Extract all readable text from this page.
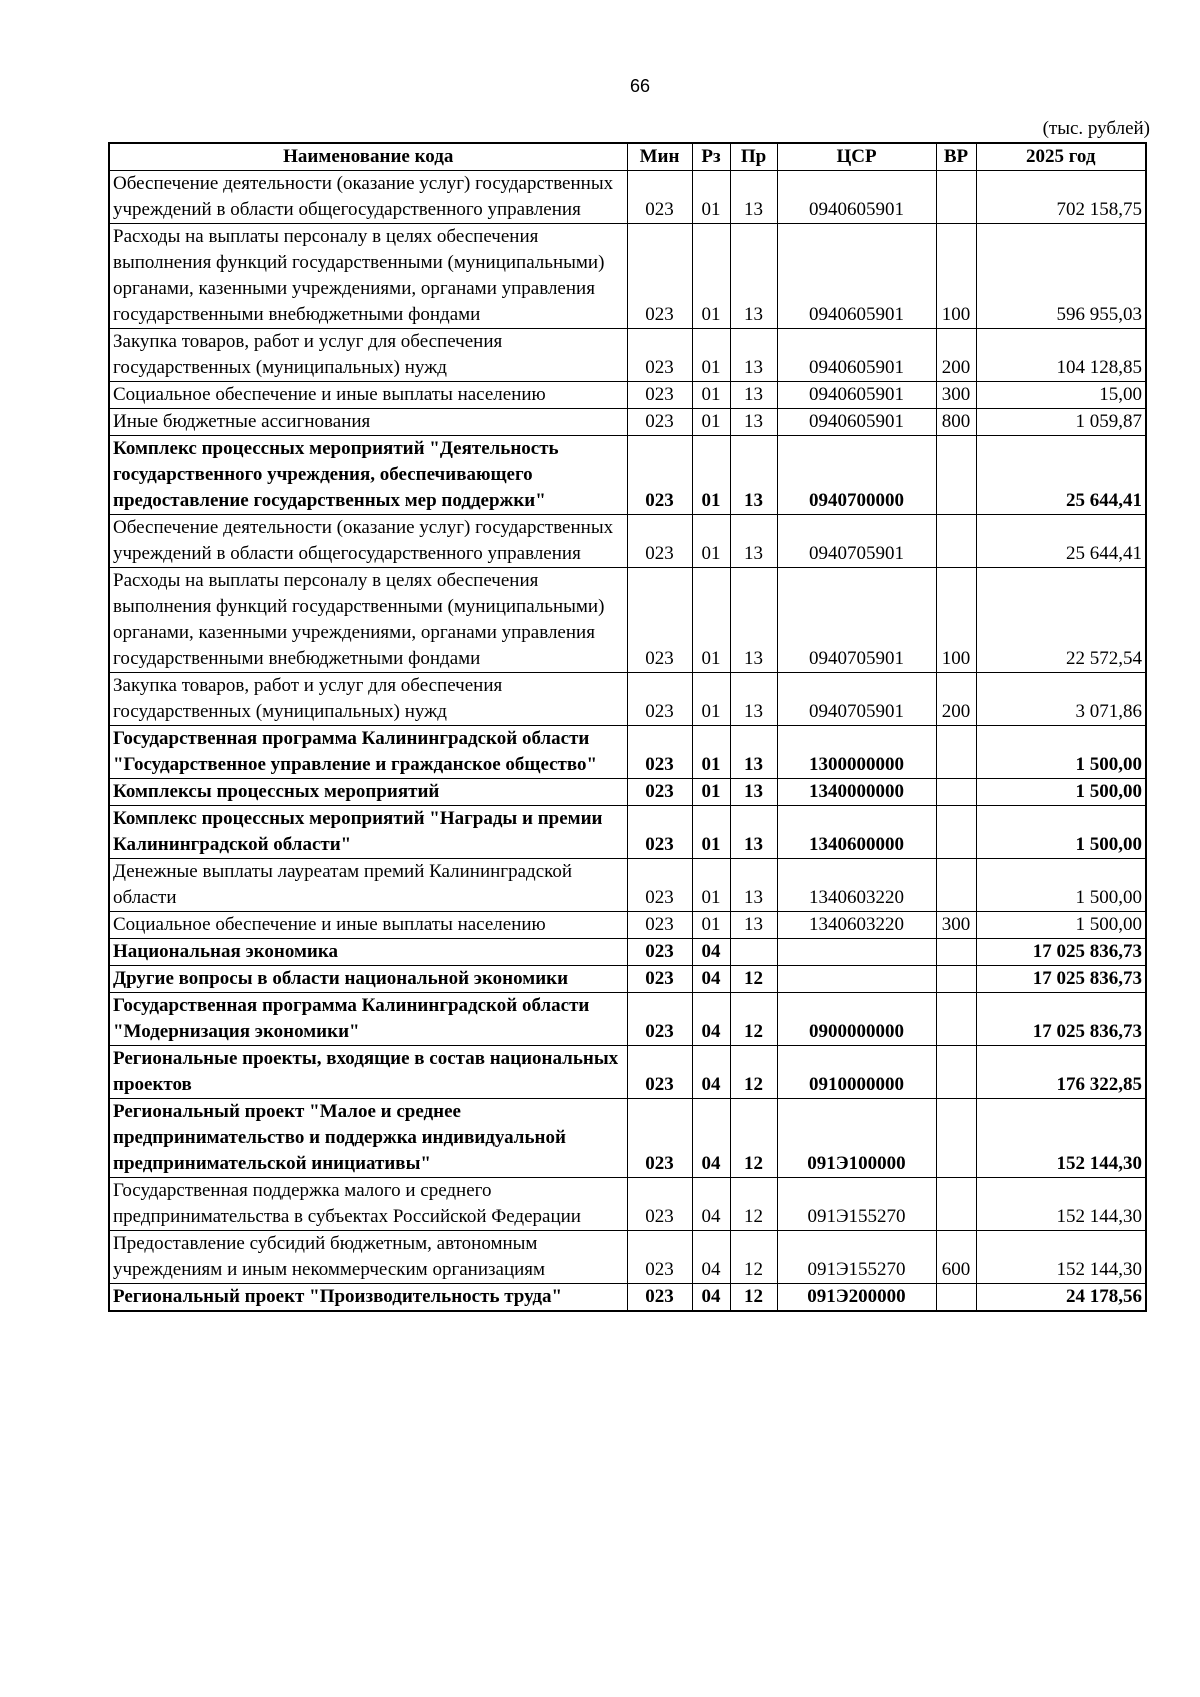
66
(тыс. рублей)
Наименование кода	Мин	Рз	Пр	ЦСР	ВР	2025 год
Обеспечение деятельности (оказание услуг) государственных учреждений в области общегосударственного управления	023	01	13	0940605901		702 158,75
Расходы на выплаты персоналу в целях обеспечения выполнения функций государственными (муниципальными) органами, казенными учреждениями, органами управления государственными внебюджетными фондами	023	01	13	0940605901	100	596 955,03
Закупка товаров, работ и услуг для обеспечения государственных (муниципальных) нужд	023	01	13	0940605901	200	104 128,85
Социальное обеспечение и иные выплаты населению	023	01	13	0940605901	300	15,00
Иные бюджетные ассигнования	023	01	13	0940605901	800	1 059,87
Комплекс процессных мероприятий "Деятельность государственного учреждения, обеспечивающего предоставление государственных мер поддержки"	023	01	13	0940700000		25 644,41
Обеспечение деятельности (оказание услуг) государственных учреждений в области общегосударственного управления	023	01	13	0940705901		25 644,41
Расходы на выплаты персоналу в целях обеспечения выполнения функций государственными (муниципальными) органами, казенными учреждениями, органами управления государственными внебюджетными фондами	023	01	13	0940705901	100	22 572,54
Закупка товаров, работ и услуг для обеспечения государственных (муниципальных) нужд	023	01	13	0940705901	200	3 071,86
Государственная программа Калининградской области "Государственное управление и гражданское общество"	023	01	13	1300000000		1 500,00
Комплексы процессных мероприятий	023	01	13	1340000000		1 500,00
Комплекс процессных мероприятий "Награды и премии Калининградской области"	023	01	13	1340600000		1 500,00
Денежные выплаты лауреатам премий Калининградской области	023	01	13	1340603220		1 500,00
Социальное обеспечение и иные выплаты населению	023	01	13	1340603220	300	1 500,00
Национальная экономика	023	04				17 025 836,73
Другие вопросы в области национальной экономики	023	04	12			17 025 836,73
Государственная программа Калининградской области "Модернизация экономики"	023	04	12	0900000000		17 025 836,73
Региональные проекты, входящие в состав национальных проектов	023	04	12	0910000000		176 322,85
Региональный проект "Малое и среднее предпринимательство и поддержка индивидуальной предпринимательской инициативы"	023	04	12	091Э100000		152 144,30
Государственная поддержка малого и среднего предпринимательства в субъектах Российской Федерации	023	04	12	091Э155270		152 144,30
Предоставление субсидий бюджетным, автономным учреждениям и иным некоммерческим организациям	023	04	12	091Э155270	600	152 144,30
Региональный проект "Производительность труда"	023	04	12	091Э200000		24 178,56
